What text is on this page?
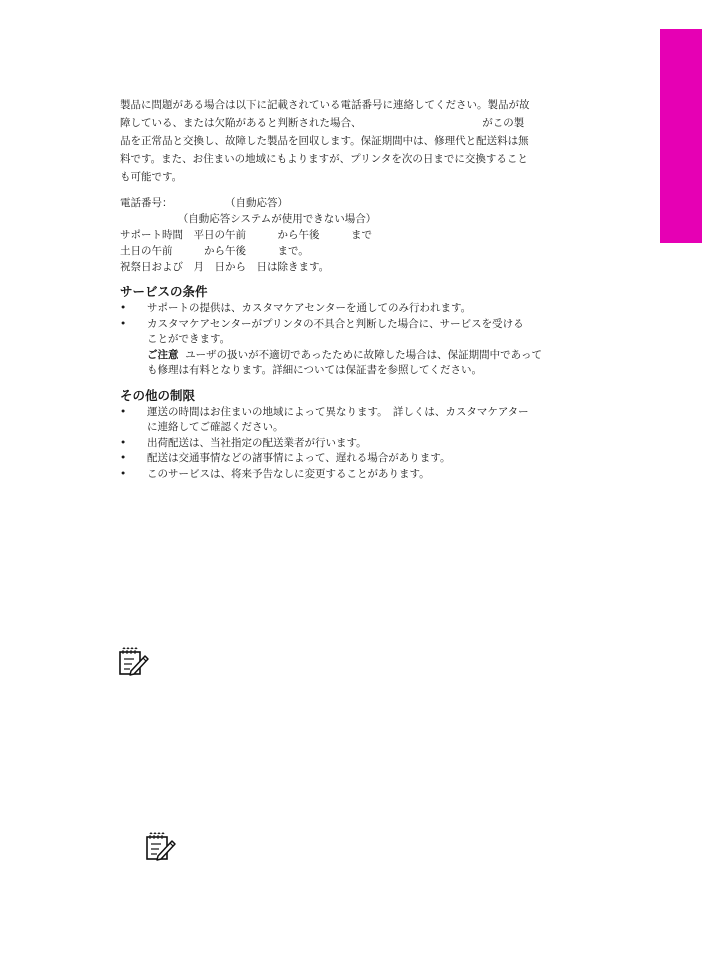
製品に問題がある場合は以下に記載されている電話番号に連絡してください。製品が故

障している、または欠陥があると判断された場合、　　　　　　　　　　　　がこの製

品を正常品と交換し、故障した製品を回収します。保証期間中は、修理代と配送料は無

料です。また、お住まいの地域にもよりますが、プリンタを次の日までに交換すること

も可能です。

電話番号：　　　　　　（自動応答）

　　　　　　（自動応答システムが使用できない場合）

サポート時間　平日の午前　　　から午後　　　まで

土日の午前　　　から午後　　　まで。

祝祭日および　月　日から　日は除きます。

サービスの条件
• サポートの提供は、カスタマケアセンターを通してのみ行われます。
• カスタマケアセンターがプリンタの不具合と判断した場合に、サービスを受ける
ことができます。
ご注意 ユーザの扱いが不適切であったために故障した場合は、保証期間中であって
も修理は有料となります。詳細については保証書を参照してください。
その他の制限
• 運送の時間はお住まいの地域によって異なります。　詳しくは、カスタマケアター
に連絡してご確認ください。
• 出荷配送は、当社指定の配送業者が行います。
• 配送は交通事情などの諸事情によって、遅れる場合があります。
• このサービスは、将来予告なしに変更することがあります。
